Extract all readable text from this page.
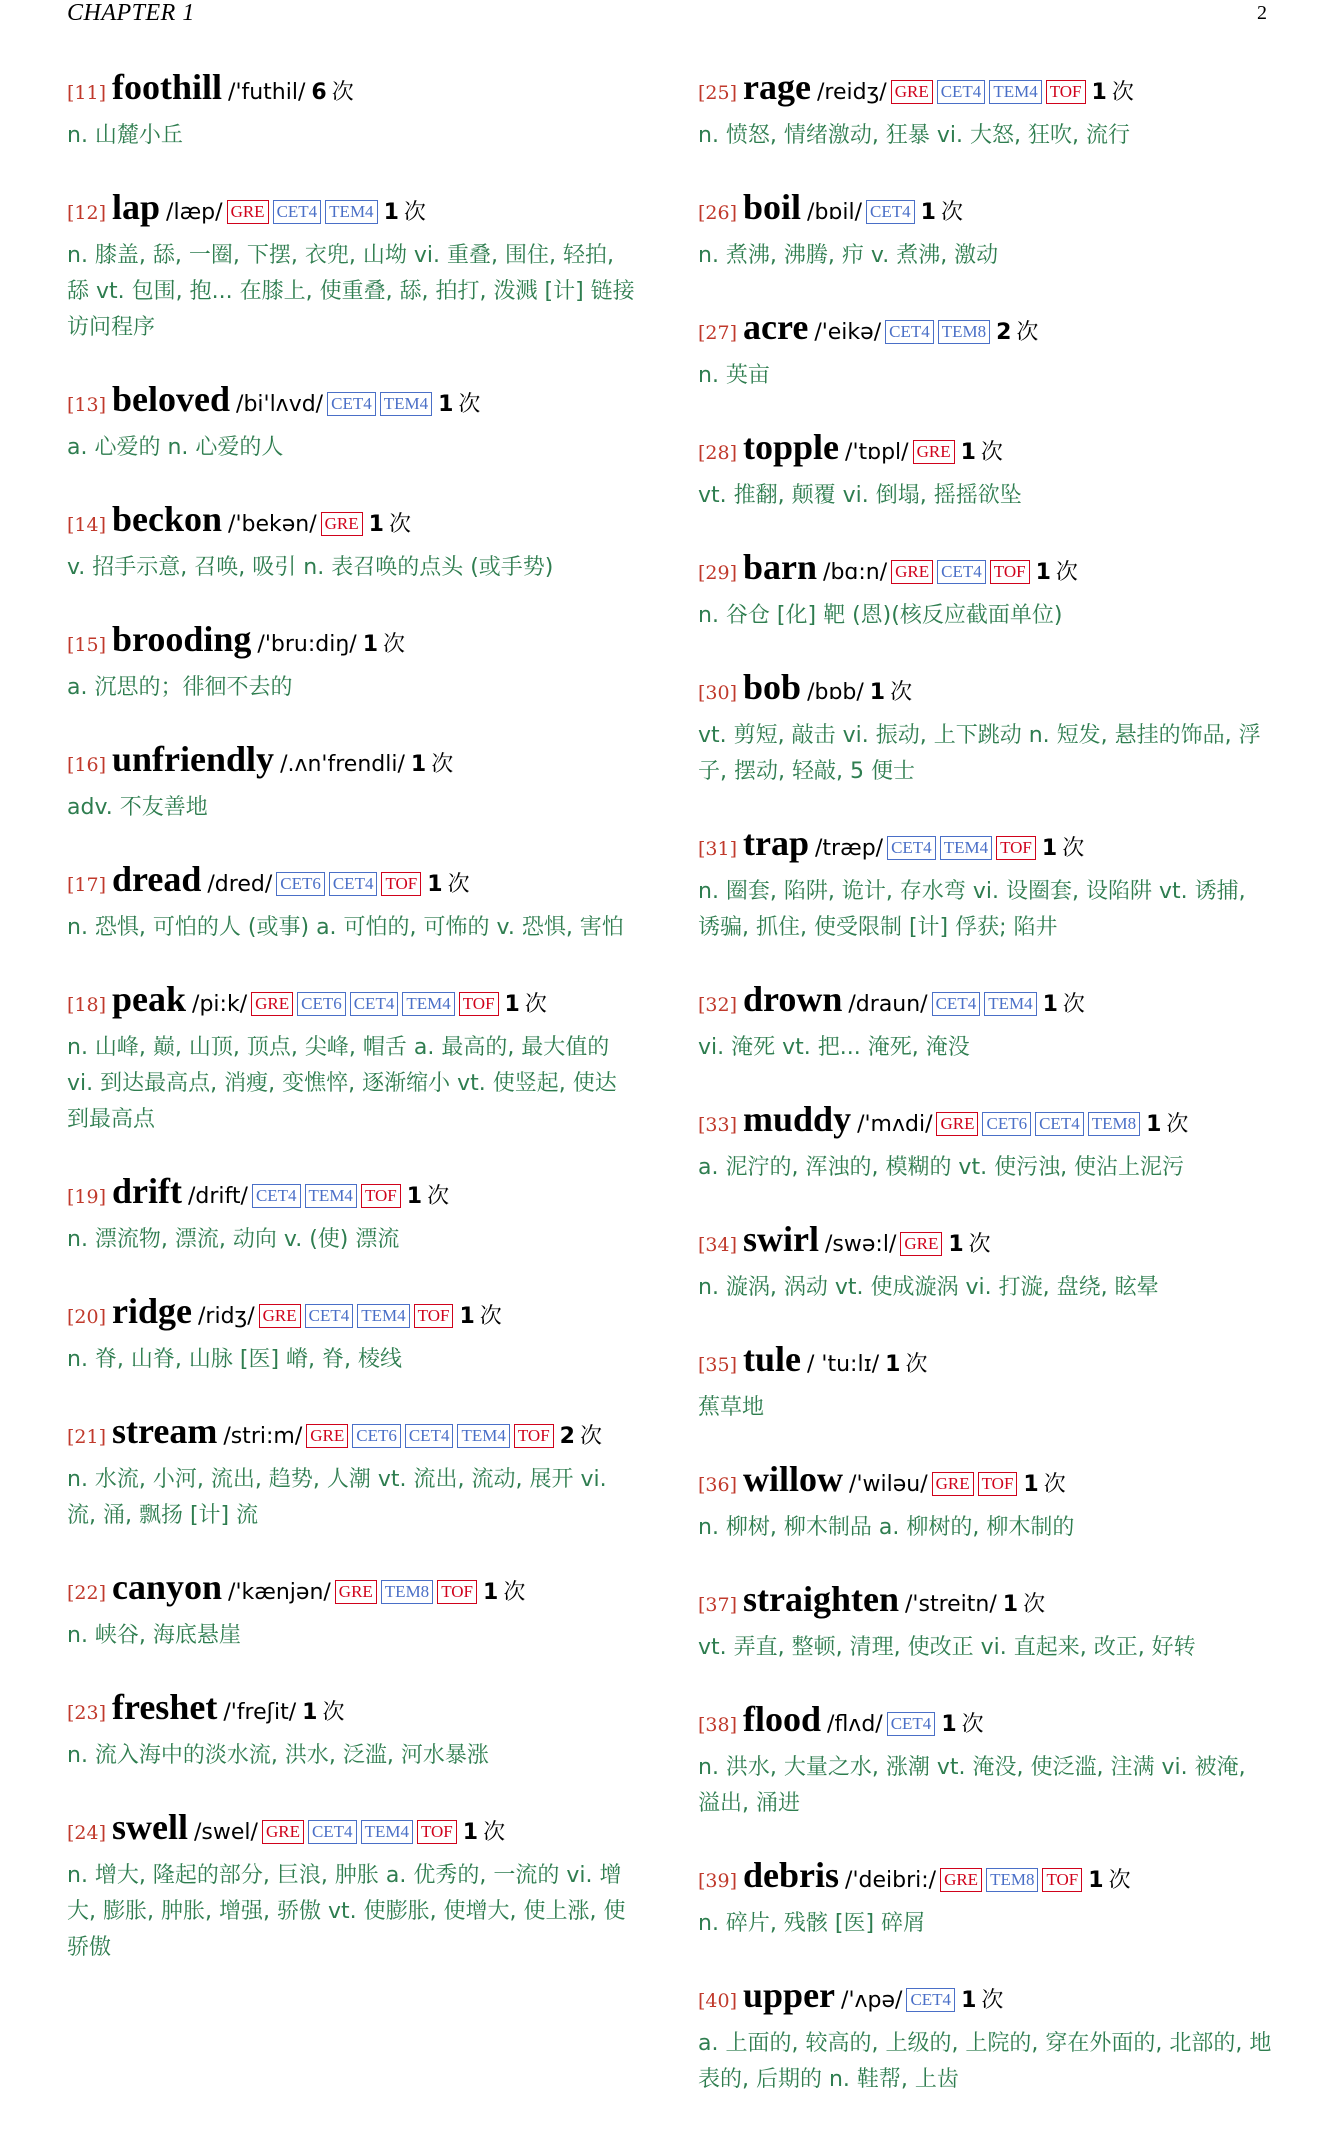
CHAPTER 1	2
[11] foothill /'futhil/ 6 次
n. 山麓小丘
[12] lap /læp/ GRE CET4 TEM4 1 次
n. 膝盖, 舔, 一圈, 下摆, 衣兜, 山坳 vi. 重叠, 围住, 轻拍, 舔 vt. 包围, 抱... 在膝上, 使重叠, 舔, 拍打, 泼溅 [计] 链接访问程序
[13] beloved /bi'lʌvd/ CET4 TEM4 1 次
a. 心爱的 n. 心爱的人
[14] beckon /'bekən/ GRE 1 次
v. 招手示意, 召唤, 吸引 n. 表召唤的点头 (或手势)
[15] brooding /'bru:diŋ/ 1 次
a. 沉思的；徘徊不去的
[16] unfriendly /.ʌn'frendli/ 1 次
adv. 不友善地
[17] dread /dred/ CET6 CET4 TOF 1 次
n. 恐惧, 可怕的人 (或事) a. 可怕的, 可怖的 v. 恐惧, 害怕
[18] peak /pi:k/ GRE CET6 CET4 TEM4 TOF 1 次
n. 山峰, 巅, 山顶, 顶点, 尖峰, 帽舌 a. 最高的, 最大值的 vi. 到达最高点, 消瘦, 变憔悴, 逐渐缩小 vt. 使竖起, 使达到最高点
[19] drift /drift/ CET4 TEM4 TOF 1 次
n. 漂流物, 漂流, 动向 v. (使) 漂流
[20] ridge /ridʒ/ GRE CET4 TEM4 TOF 1 次
n. 脊, 山脊, 山脉 [医] 嵴, 脊, 棱线
[21] stream /stri:m/ GRE CET6 CET4 TEM4 TOF 2 次
n. 水流, 小河, 流出, 趋势, 人潮 vt. 流出, 流动, 展开 vi. 流, 涌, 飘扬 [计] 流
[22] canyon /'kænjən/ GRE TEM8 TOF 1 次
n. 峡谷, 海底悬崖
[23] freshet /'freʃit/ 1 次
n. 流入海中的淡水流, 洪水, 泛滥, 河水暴涨
[24] swell /swel/ GRE CET4 TEM4 TOF 1 次
n. 增大, 隆起的部分, 巨浪, 肿胀 a. 优秀的, 一流的 vi. 增大, 膨胀, 肿胀, 增强, 骄傲 vt. 使膨胀, 使增大, 使上涨, 使骄傲
[25] rage /reidʒ/ GRE CET4 TEM4 TOF 1 次
n. 愤怒, 情绪激动, 狂暴 vi. 大怒, 狂吹, 流行
[26] boil /bɒil/ CET4 1 次
n. 煮沸, 沸腾, 疖 v. 煮沸, 激动
[27] acre /'eikə/ CET4 TEM8 2 次
n. 英亩
[28] topple /'tɒpl/ GRE 1 次
vt. 推翻, 颠覆 vi. 倒塌, 摇摇欲坠
[29] barn /bɑ:n/ GRE CET4 TOF 1 次
n. 谷仓 [化] 靶 (恩)(核反应截面单位)
[30] bob /bɒb/ 1 次
vt. 剪短, 敲击 vi. 振动, 上下跳动 n. 短发, 悬挂的饰品, 浮子, 摆动, 轻敲, 5 便士
[31] trap /træp/ CET4 TEM4 TOF 1 次
n. 圈套, 陷阱, 诡计, 存水弯 vi. 设圈套, 设陷阱 vt. 诱捕, 诱骗, 抓住, 使受限制 [计] 俘获; 陷井
[32] drown /draun/ CET4 TEM4 1 次
vi. 淹死 vt. 把... 淹死, 淹没
[33] muddy /'mʌdi/ GRE CET6 CET4 TEM8 1 次
a. 泥泞的, 浑浊的, 模糊的 vt. 使污浊, 使沾上泥污
[34] swirl /swə:l/ GRE 1 次
n. 漩涡, 涡动 vt. 使成漩涡 vi. 打漩, 盘绕, 眩晕
[35] tule / 'tu:lɪ/ 1 次
蕉草地
[36] willow /'wiləu/ GRE TOF 1 次
n. 柳树, 柳木制品 a. 柳树的, 柳木制的
[37] straighten /'streitn/ 1 次
vt. 弄直, 整顿, 清理, 使改正 vi. 直起来, 改正, 好转
[38] flood /flʌd/ CET4 1 次
n. 洪水, 大量之水, 涨潮 vt. 淹没, 使泛滥, 注满 vi. 被淹, 溢出, 涌进
[39] debris /'deibri:/ GRE TEM8 TOF 1 次
n. 碎片, 残骸 [医] 碎屑
[40] upper /'ʌpə/ CET4 1 次
a. 上面的, 较高的, 上级的, 上院的, 穿在外面的, 北部的, 地表的, 后期的 n. 鞋帮, 上齿
